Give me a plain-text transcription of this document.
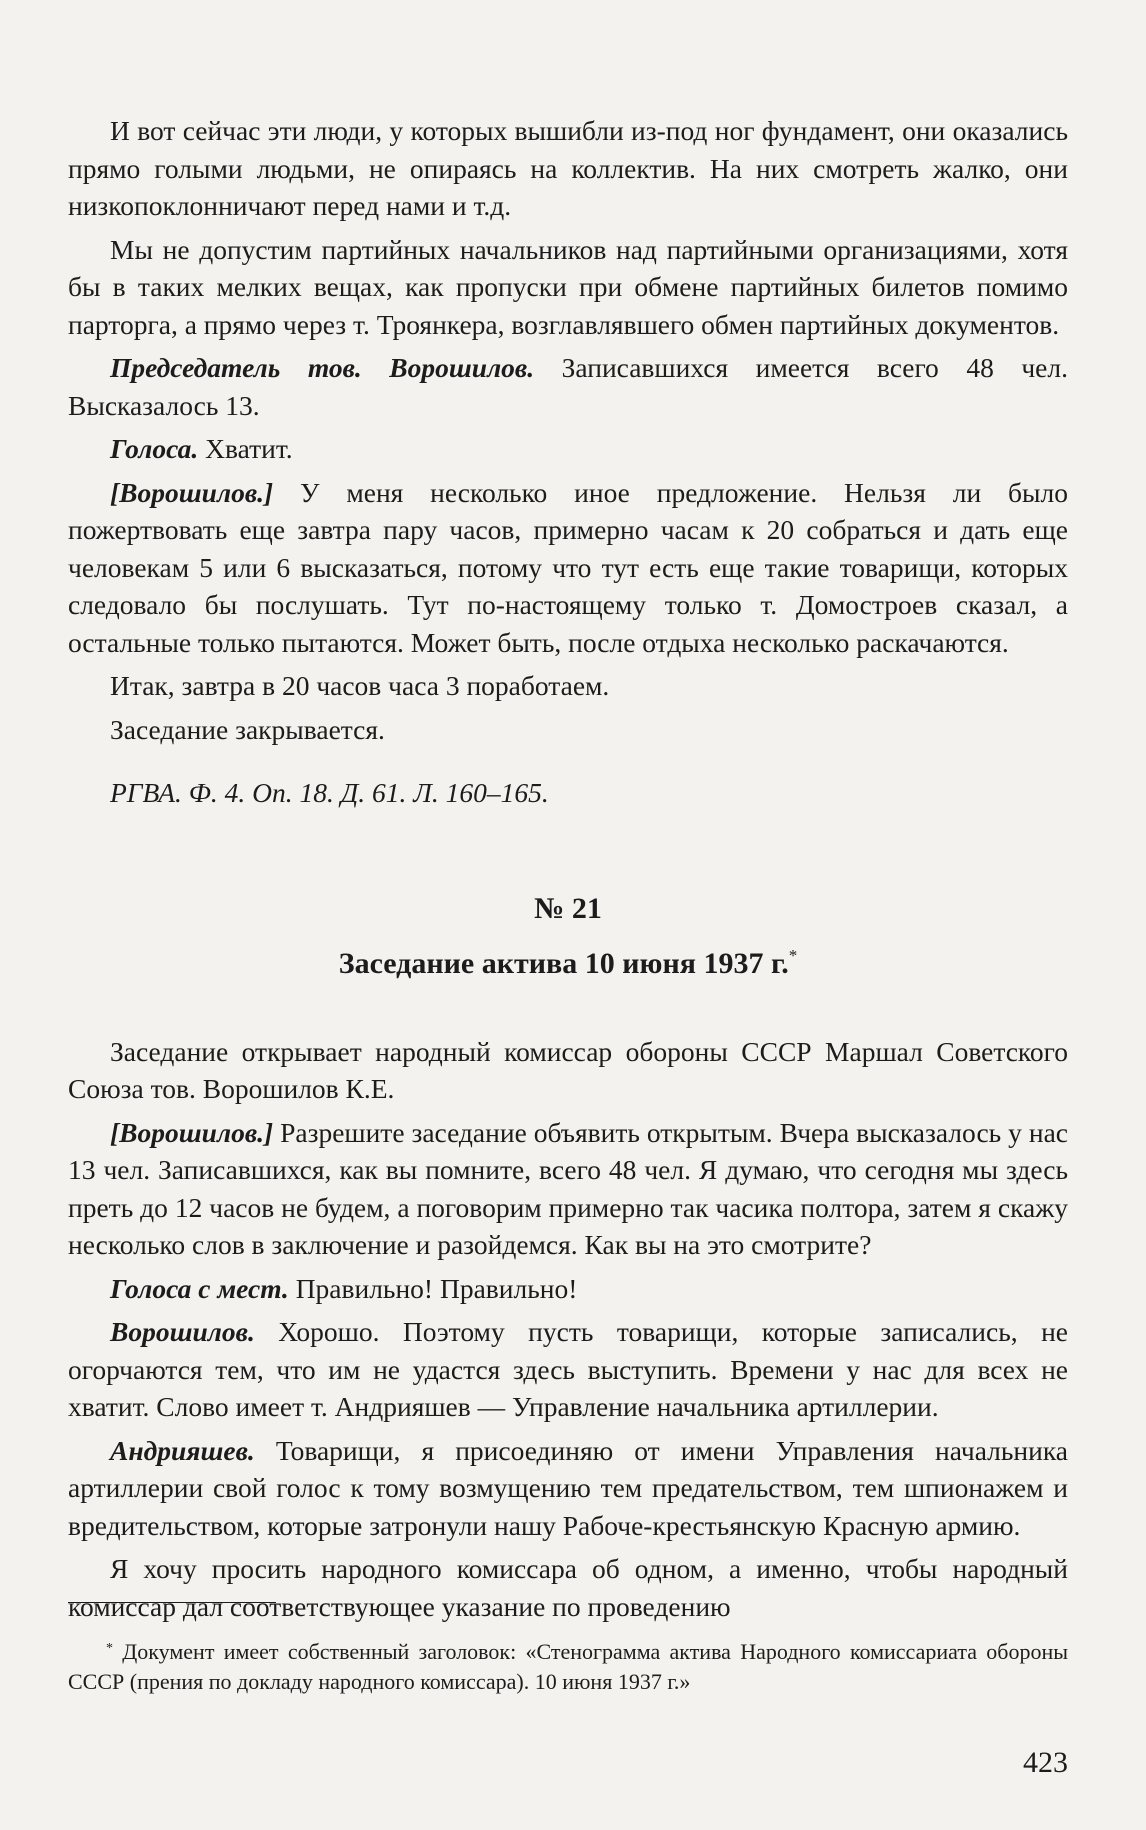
И вот сейчас эти люди, у которых вышибли из-под ног фундамент, они оказались прямо голыми людьми, не опираясь на коллектив. На них смотреть жалко, они низкопоклонничают перед нами и т.д.

Мы не допустим партийных начальников над партийными организациями, хотя бы в таких мелких вещах, как пропуски при обмене партийных билетов помимо парторга, а прямо через т. Троянкера, возглавлявшего обмен партийных документов.

Председатель тов. Ворошилов. Записавшихся имеется всего 48 чел. Высказалось 13.

Голоса. Хватит.

[Ворошилов.] У меня несколько иное предложение. Нельзя ли было пожертвовать еще завтра пару часов, примерно часам к 20 собраться и дать еще человекам 5 или 6 высказаться, потому что тут есть еще такие товарищи, которых следовало бы послушать. Тут по-настоящему только т. Домостроев сказал, а остальные только пытаются. Может быть, после отдыха несколько раскачаются.

Итак, завтра в 20 часов часа 3 поработаем.

Заседание закрывается.

РГВА. Ф. 4. Оп. 18. Д. 61. Л. 160–165.

№ 21

Заседание актива 10 июня 1937 г.*

Заседание открывает народный комиссар обороны СССР Маршал Советского Союза тов. Ворошилов К.Е.

[Ворошилов.] Разрешите заседание объявить открытым. Вчера высказалось у нас 13 чел. Записавшихся, как вы помните, всего 48 чел. Я думаю, что сегодня мы здесь преть до 12 часов не будем, а поговорим примерно так часика полтора, затем я скажу несколько слов в заключение и разойдемся. Как вы на это смотрите?

Голоса с мест. Правильно! Правильно!

Ворошилов. Хорошо. Поэтому пусть товарищи, которые записались, не огорчаются тем, что им не удастся здесь выступить. Времени у нас для всех не хватит. Слово имеет т. Андрияшев — Управление начальника артиллерии.

Андрияшев. Товарищи, я присоединяю от имени Управления начальника артиллерии свой голос к тому возмущению тем предательством, тем шпионажем и вредительством, которые затронули нашу Рабоче-крестьянскую Красную армию.

Я хочу просить народного комиссара об одном, а именно, чтобы народный комиссар дал соответствующее указание по проведению

* Документ имеет собственный заголовок: «Стенограмма актива Народного комиссариата обороны СССР (прения по докладу народного комиссара). 10 июня 1937 г.»

423
